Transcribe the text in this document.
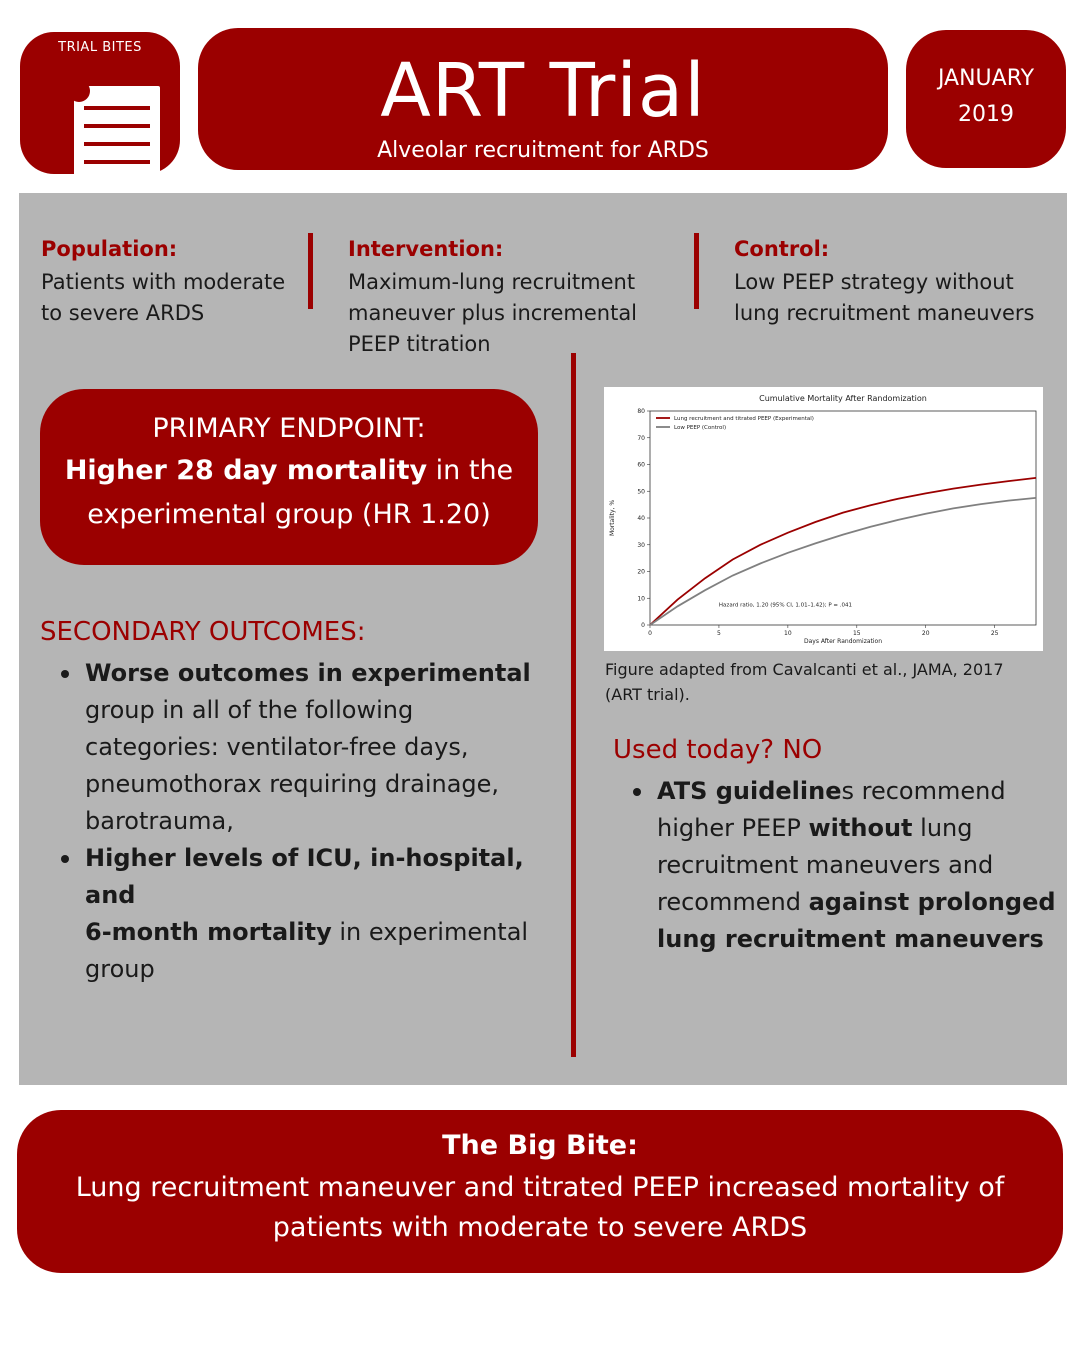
TRIAL BITES
ART Trial
Alveolar recruitment for ARDS
JANUARY
2019
Population:
Patients with moderate
to severe ARDS
Intervention:
Maximum-lung recruitment
maneuver plus incremental
PEEP titration
Control:
Low PEEP strategy without
lung recruitment maneuvers
PRIMARY ENDPOINT:
Higher 28 day mortality in the
experimental group (HR 1.20)
SECONDARY OUTCOMES:
Worse outcomes in experimental
group in all of the following
categories: ventilator-free days,
pneumothorax requiring drainage,
barotrauma,
Higher levels of ICU, in-hospital, and
6-month mortality in experimental
group
Cumulative Mortality After Randomization
Days After Randomization
Mortality, %
0
10
20
30
40
50
60
70
80
0	5	10	15	20	25
Lung recruitment and titrated PEEP (Experimental)
Low PEEP (Control)
Hazard ratio, 1.20 (95% CI, 1.01–1.42); P = .041
Figure adapted from Cavalcanti et al., JAMA, 2017
(ART trial).
Used today? NO
ATS guidelines recommend
higher PEEP without lung
recruitment maneuvers and
recommend against prolonged
lung recruitment maneuvers
The Big Bite:
Lung recruitment maneuver and titrated PEEP increased mortality of
patients with moderate to severe ARDS
